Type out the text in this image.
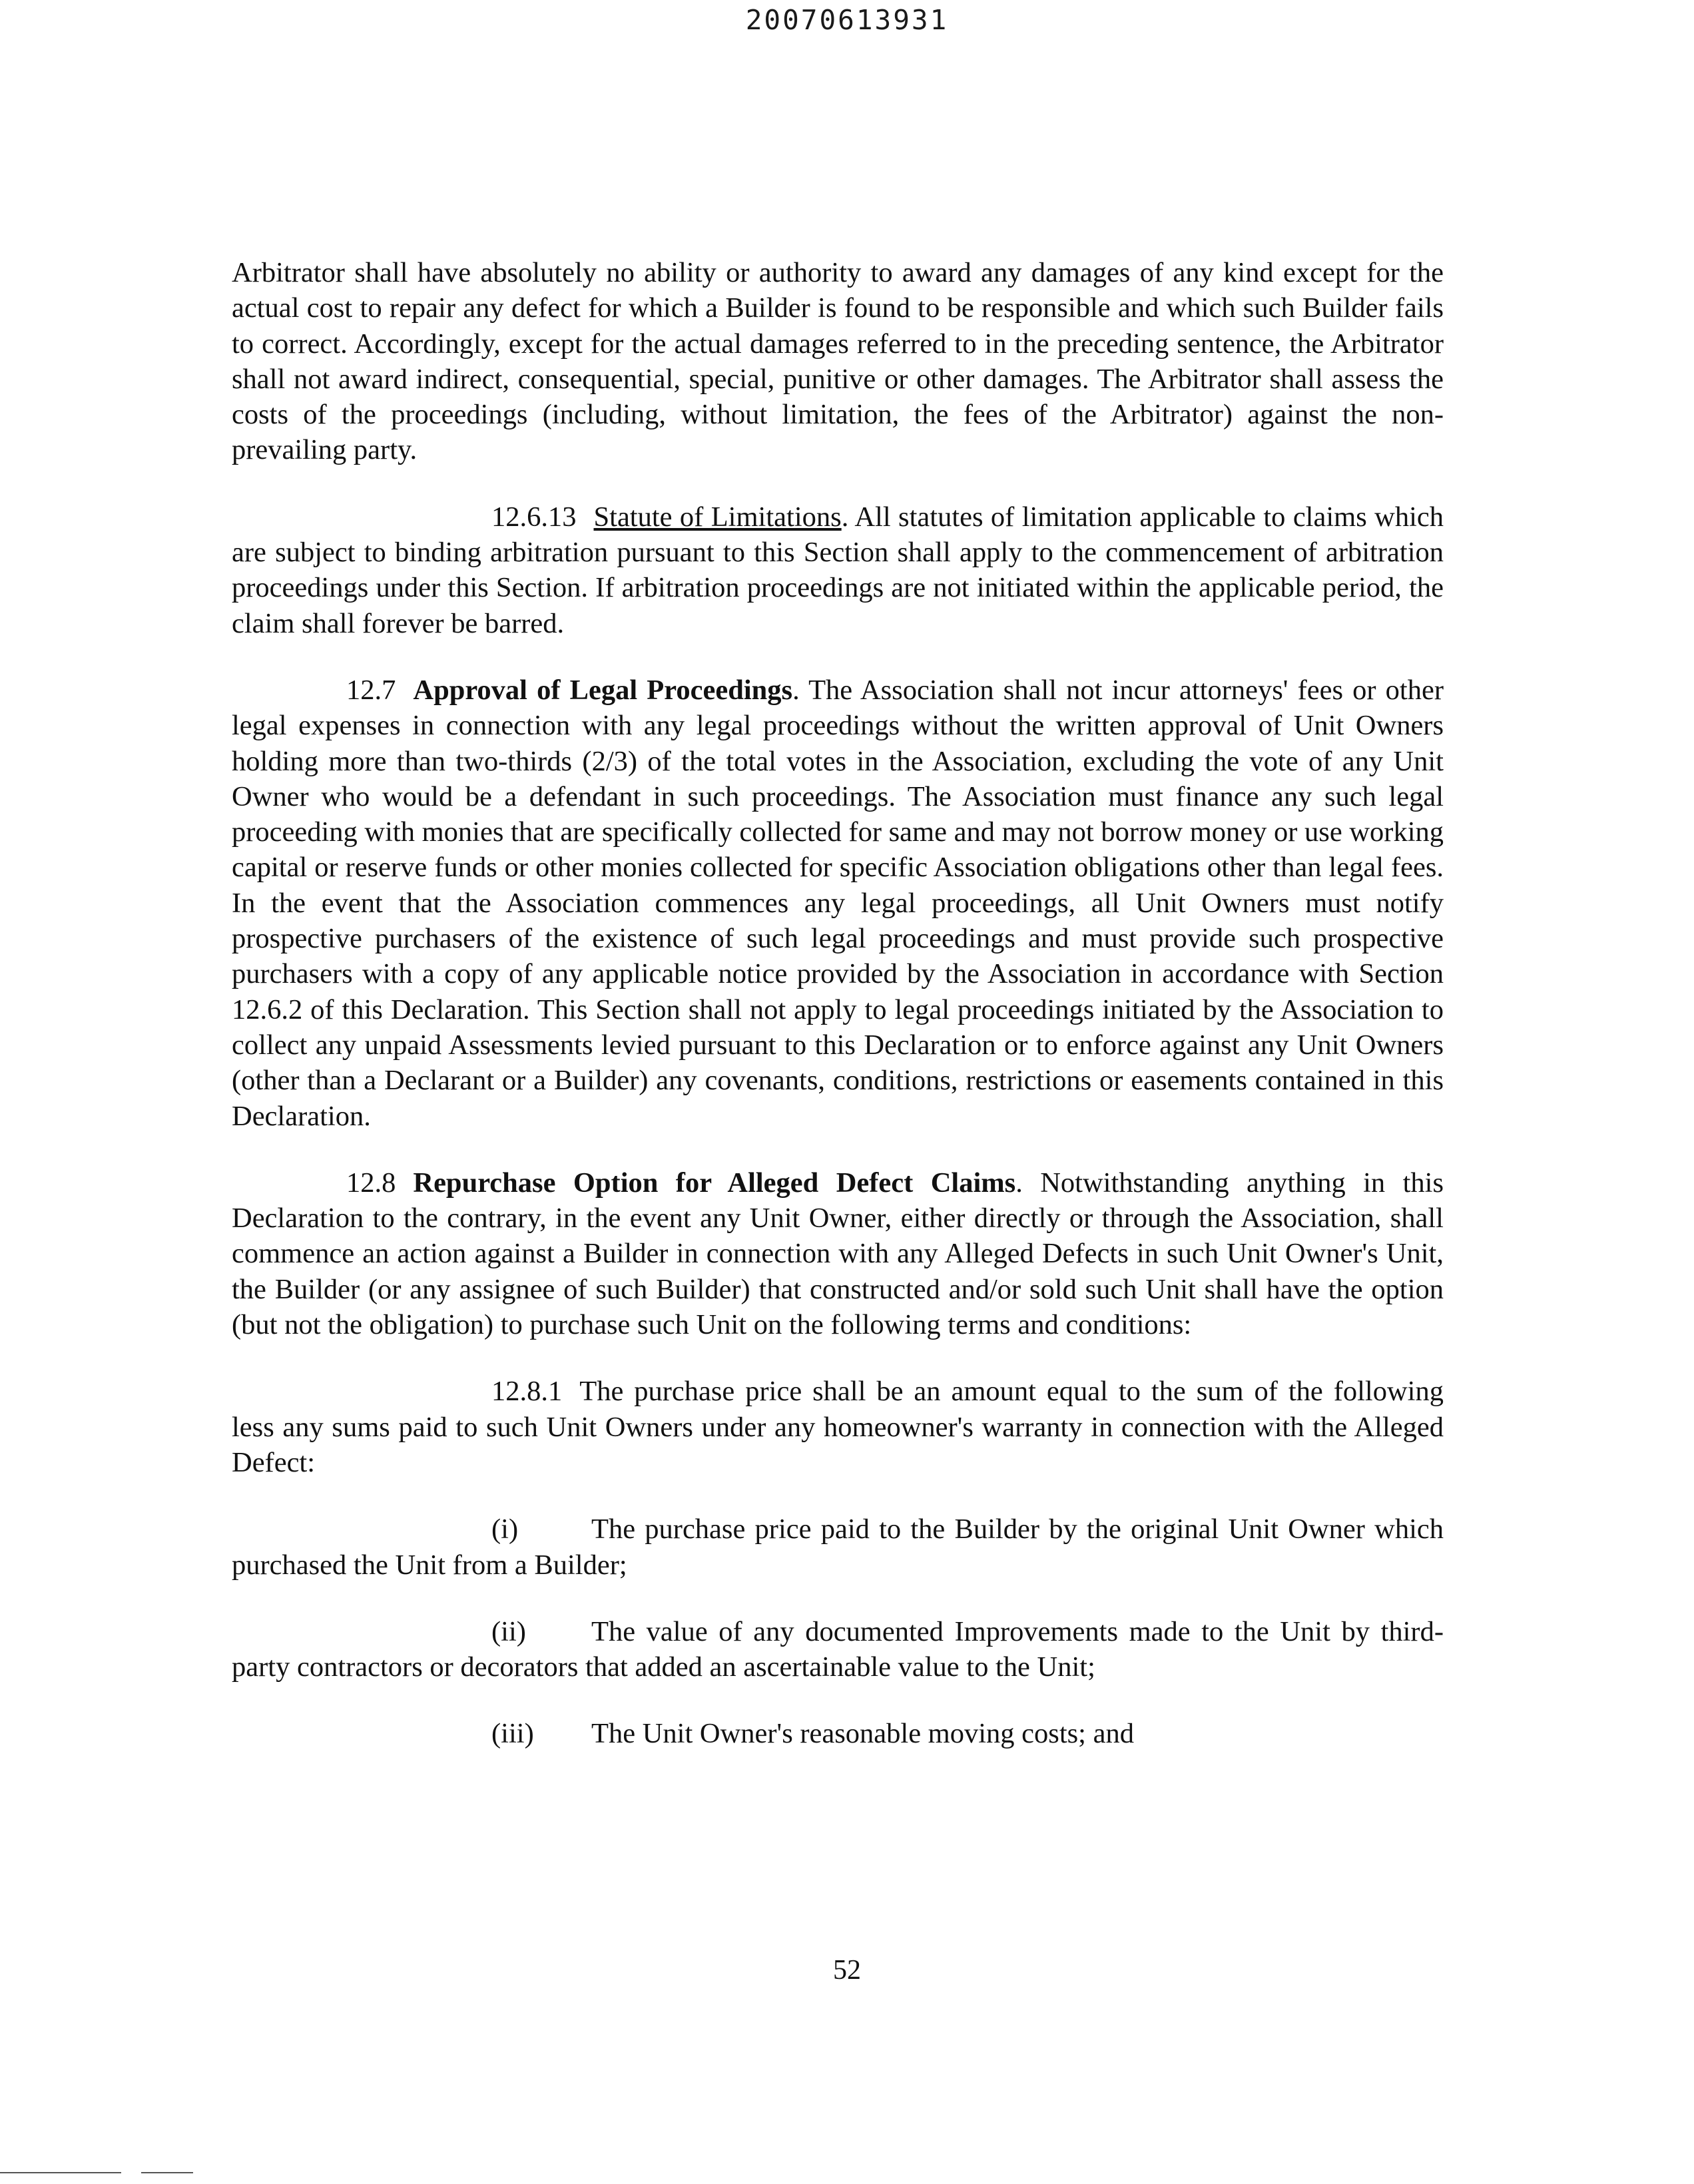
20070613931

Arbitrator shall have absolutely no ability or authority to award any damages of any kind except for the actual cost to repair any defect for which a Builder is found to be responsible and which such Builder fails to correct. Accordingly, except for the actual damages referred to in the preceding sentence, the Arbitrator shall not award indirect, consequential, special, punitive or other damages. The Arbitrator shall assess the costs of the proceedings (including, without limitation, the fees of the Arbitrator) against the non-prevailing party.

12.6.13 Statute of Limitations. All statutes of limitation applicable to claims which are subject to binding arbitration pursuant to this Section shall apply to the commencement of arbitration proceedings under this Section. If arbitration proceedings are not initiated within the applicable period, the claim shall forever be barred.

12.7 Approval of Legal Proceedings. The Association shall not incur attorneys' fees or other legal expenses in connection with any legal proceedings without the written approval of Unit Owners holding more than two-thirds (2/3) of the total votes in the Association, excluding the vote of any Unit Owner who would be a defendant in such proceedings. The Association must finance any such legal proceeding with monies that are specifically collected for same and may not borrow money or use working capital or reserve funds or other monies collected for specific Association obligations other than legal fees. In the event that the Association commences any legal proceedings, all Unit Owners must notify prospective purchasers of the existence of such legal proceedings and must provide such prospective purchasers with a copy of any applicable notice provided by the Association in accordance with Section 12.6.2 of this Declaration. This Section shall not apply to legal proceedings initiated by the Association to collect any unpaid Assessments levied pursuant to this Declaration or to enforce against any Unit Owners (other than a Declarant or a Builder) any covenants, conditions, restrictions or easements contained in this Declaration.

12.8 Repurchase Option for Alleged Defect Claims. Notwithstanding anything in this Declaration to the contrary, in the event any Unit Owner, either directly or through the Association, shall commence an action against a Builder in connection with any Alleged Defects in such Unit Owner's Unit, the Builder (or any assignee of such Builder) that constructed and/or sold such Unit shall have the option (but not the obligation) to purchase such Unit on the following terms and conditions:

12.8.1 The purchase price shall be an amount equal to the sum of the following less any sums paid to such Unit Owners under any homeowner's warranty in connection with the Alleged Defect:

(i)	The purchase price paid to the Builder by the original Unit Owner which purchased the Unit from a Builder;

(ii) The value of any documented Improvements made to the Unit by third-party contractors or decorators that added an ascertainable value to the Unit;

(iii) The Unit Owner's reasonable moving costs; and

52
